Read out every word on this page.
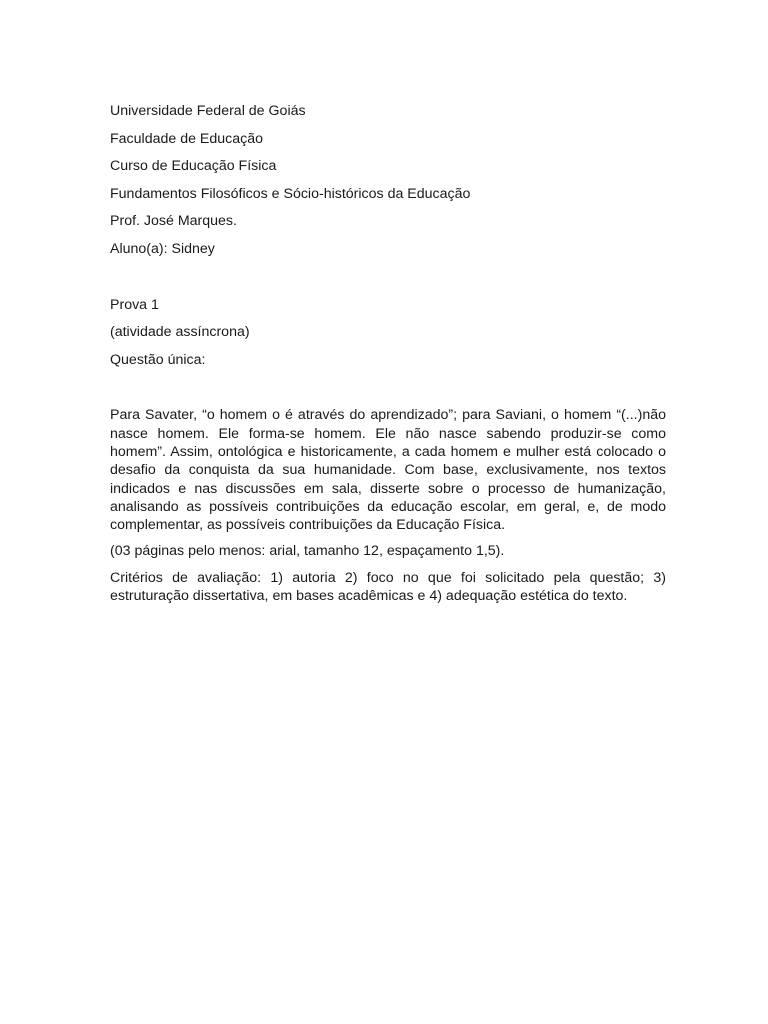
Universidade Federal de Goiás
Faculdade de Educação
Curso de Educação Física
Fundamentos Filosóficos e Sócio-históricos da Educação
Prof. José Marques.
Aluno(a): Sidney
Prova 1
(atividade assíncrona)
Questão única:

Para Savater, “o homem o é através do aprendizado”; para Saviani, o homem “(...)não nasce homem. Ele forma-se homem. Ele não nasce sabendo produzir-se como homem”. Assim, ontológica e historicamente, a cada homem e mulher está colocado o desafio da conquista da sua humanidade. Com base, exclusivamente, nos textos indicados e nas discussões em sala, disserte sobre o processo de humanização, analisando as possíveis contribuições da educação escolar, em geral, e, de modo complementar, as possíveis contribuições da Educação Física.

(03 páginas pelo menos: arial, tamanho 12, espaçamento 1,5).

Critérios de avaliação: 1) autoria 2) foco no que foi solicitado pela questão; 3) estruturação dissertativa, em bases acadêmicas e 4) adequação estética do texto.
